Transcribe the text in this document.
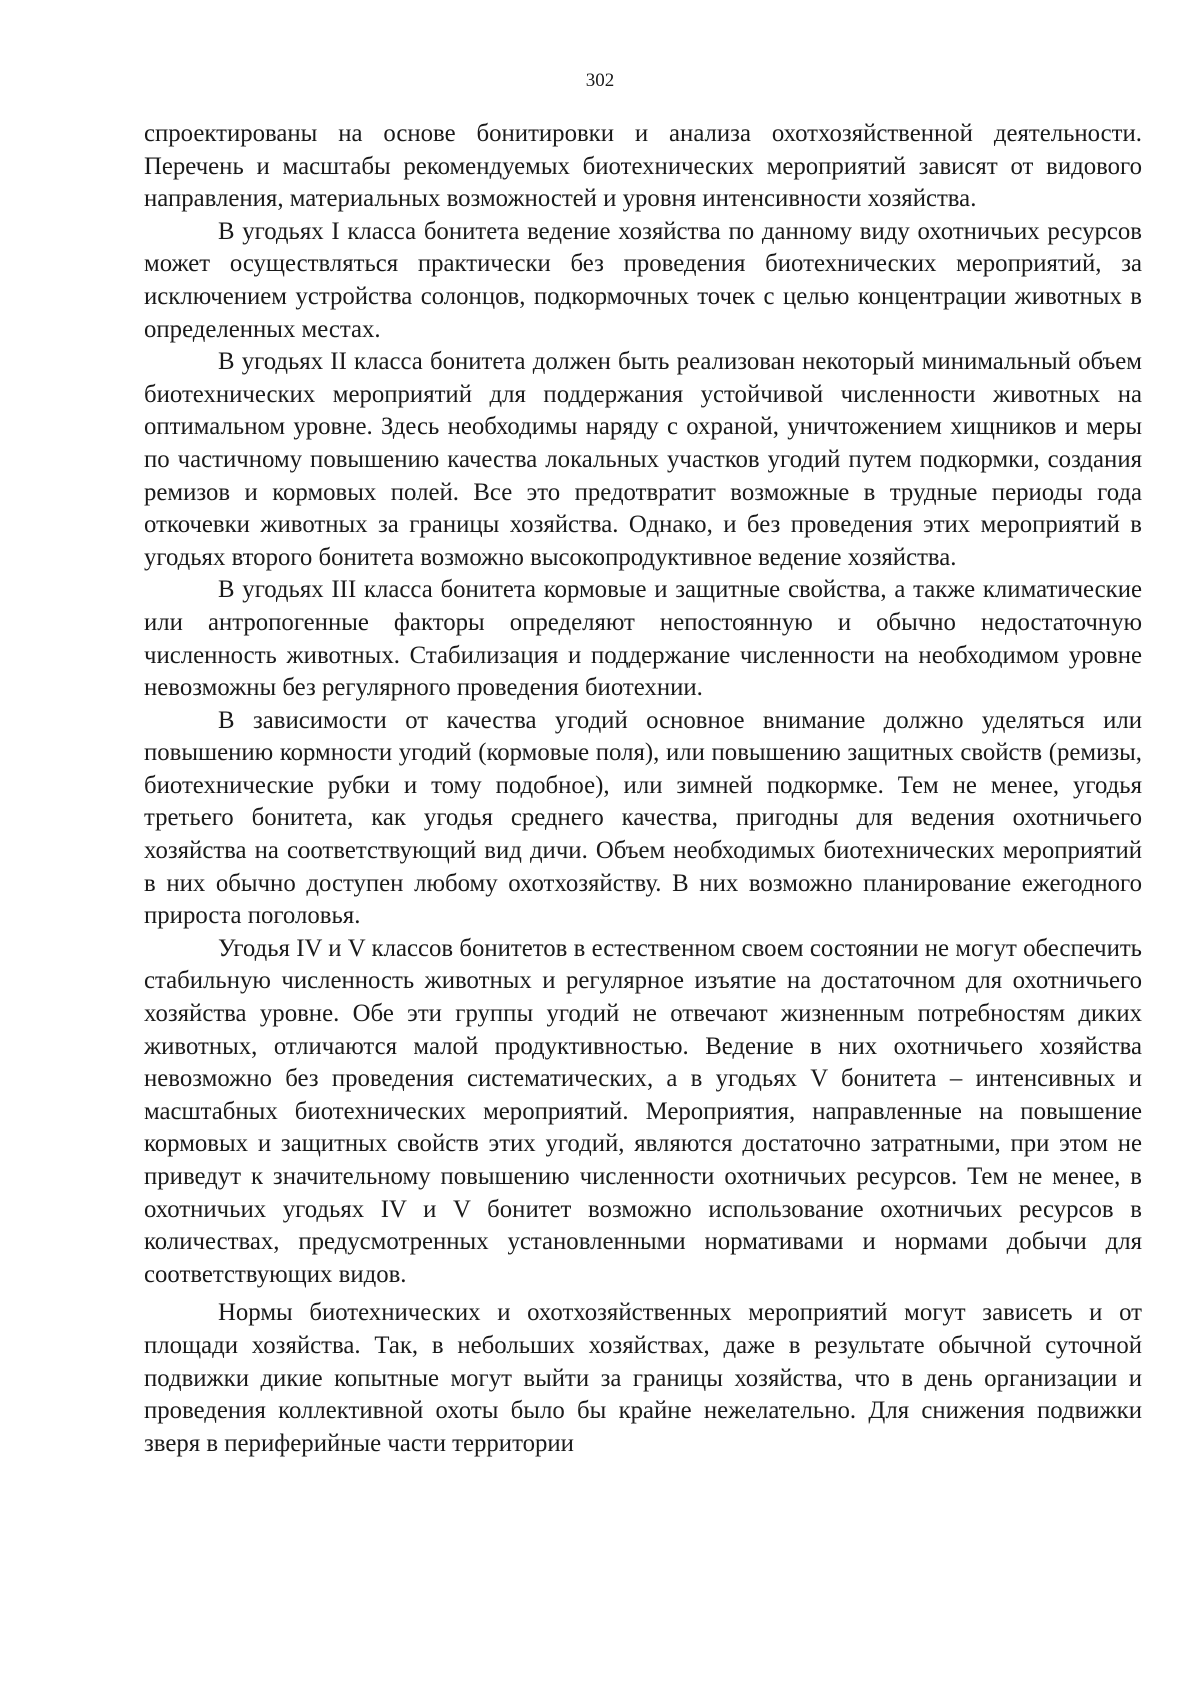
302

спроектированы на основе бонитировки и анализа охотхозяйственной деятельности. Перечень и масштабы рекомендуемых биотехнических мероприятий зависят от видового направления, материальных возможностей и уровня интенсивности хозяйства.

В угодьях I класса бонитета ведение хозяйства по данному виду охотничьих ресурсов может осуществляться практически без проведения биотехнических мероприятий, за исключением устройства солонцов, подкормочных точек с целью концентрации животных в определенных местах.

В угодьях II класса бонитета должен быть реализован некоторый минимальный объем биотехнических мероприятий для поддержания устойчивой численности животных на оптимальном уровне. Здесь необходимы наряду с охраной, уничтожением хищников и меры по частичному повышению качества локальных участков угодий путем подкормки, создания ремизов и кормовых полей. Все это предотвратит возможные в трудные периоды года откочевки животных за границы хозяйства. Однако, и без проведения этих мероприятий в угодьях второго бонитета возможно высокопродуктивное ведение хозяйства.

В угодьях III класса бонитета кормовые и защитные свойства, а также климатические или антропогенные факторы определяют непостоянную и обычно недостаточную численность животных. Стабилизация и поддержание численности на необходимом уровне невозможны без регулярного проведения биотехнии.

В зависимости от качества угодий основное внимание должно уделяться или повышению кормности угодий (кормовые поля), или повышению защитных свойств (ремизы, биотехнические рубки и тому подобное), или зимней подкормке. Тем не менее, угодья третьего бонитета, как угодья среднего качества, пригодны для ведения охотничьего хозяйства на соответствующий вид дичи. Объем необходимых биотехнических мероприятий в них обычно доступен любому охотхозяйству. В них возможно планирование ежегодного прироста поголовья.

Угодья IV и V классов бонитетов в естественном своем состоянии не могут обеспечить стабильную численность животных и регулярное изъятие на достаточном для охотничьего хозяйства уровне. Обе эти группы угодий не отвечают жизненным потребностям диких животных, отличаются малой продуктивностью. Ведение в них охотничьего хозяйства невозможно без проведения систематических, а в угодьях V бонитета – интенсивных и масштабных биотехнических мероприятий. Мероприятия, направленные на повышение кормовых и защитных свойств этих угодий, являются достаточно затратными, при этом не приведут к значительному повышению численности охотничьих ресурсов. Тем не менее, в охотничьих угодьях IV и V бонитет возможно использование охотничьих ресурсов в количествах, предусмотренных установленными нормативами и нормами добычи для соответствующих видов.

Нормы биотехнических и охотхозяйственных мероприятий могут зависеть и от площади хозяйства. Так, в небольших хозяйствах, даже в результате обычной суточной подвижки дикие копытные могут выйти за границы хозяйства, что в день организации и проведения коллективной охоты было бы крайне нежелательно. Для снижения подвижки зверя в периферийные части территории
